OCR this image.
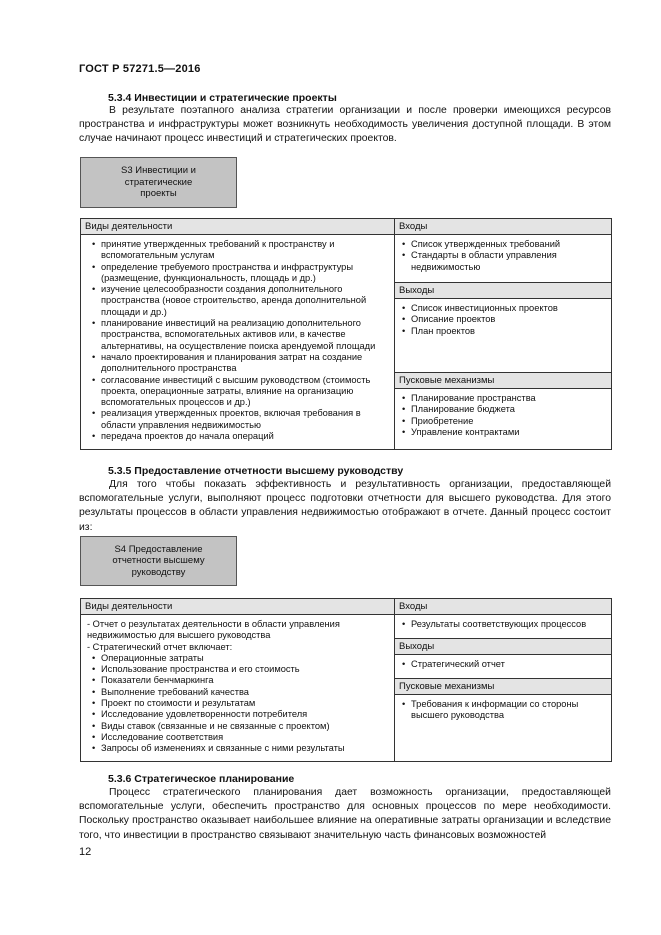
ГОСТ Р 57271.5—2016
5.3.4 Инвестиции и стратегические проекты

В результате поэтапного анализа стратегии организации и после проверки имеющихся ресурсов пространства и инфраструктуры может возникнуть необходимость увеличения доступной площади. В этом случае начинают процесс инвестиций и стратегических проектов.

S3 Инвестиции и стратегические проекты
Виды деятельности
• принятие утвержденных требований к пространству и вспомогательным услугам
• определение требуемого пространства и инфраструктуры (размещение, функциональность, площадь и др.)
• изучение целесообразности создания дополнительного пространства (новое строительство, аренда дополнительной площади и др.)
• планирование инвестиций на реализацию дополнительного пространства, вспомогательных активов или, в качестве альтернативы, на осуществление поиска арендуемой площади
• начало проектирования и планирования затрат на создание дополнительного пространства
• согласование инвестиций с высшим руководством (стоимость проекта, операционные затраты, влияние на организацию вспомогательных процессов и др.)
• реализация утвержденных проектов, включая требования в области управления недвижимостью
• передача проектов до начала операций
Входы
• Список утвержденных требований
• Стандарты в области управления недвижимостью
Выходы
• Список инвестиционных проектов
• Описание проектов
• План проектов
Пусковые механизмы
• Планирование пространства
• Планирование бюджета
• Приобретение
• Управление контрактами
5.3.5 Предоставление отчетности высшему руководству

Для того чтобы показать эффективность и результативность организации, предоставляющей вспомогательные услуги, выполняют процесс подготовки отчетности для высшего руководства. Для этого результаты процессов в области управления недвижимостью отображают в отчете. Данный процесс состоит из:

S4 Предоставление отчетности высшему руководству
Виды деятельности
- Отчет о результатах деятельности в области управления недвижимостью для высшего руководства
- Стратегический отчет включает:
• Операционные затраты
• Использование пространства и его стоимость
• Показатели бенчмаркинга
• Выполнение требований качества
• Проект по стоимости и результатам
• Исследование удовлетворенности потребителя
• Виды ставок (связанные и не связанные с проектом)
• Исследование соответствия
• Запросы об изменениях и связанные с ними результаты
Входы
• Результаты соответствующих процессов
Выходы
• Стратегический отчет
Пусковые механизмы
• Требования к информации со стороны высшего руководства
5.3.6 Стратегическое планирование

Процесс стратегического планирования дает возможность организации, предоставляющей вспомогательные услуги, обеспечить пространство для основных процессов по мере необходимости. Поскольку пространство оказывает наибольшее влияние на оперативные затраты организации и вследствие того, что инвестиции в пространство связывают значительную часть финансовых возможностей

12
